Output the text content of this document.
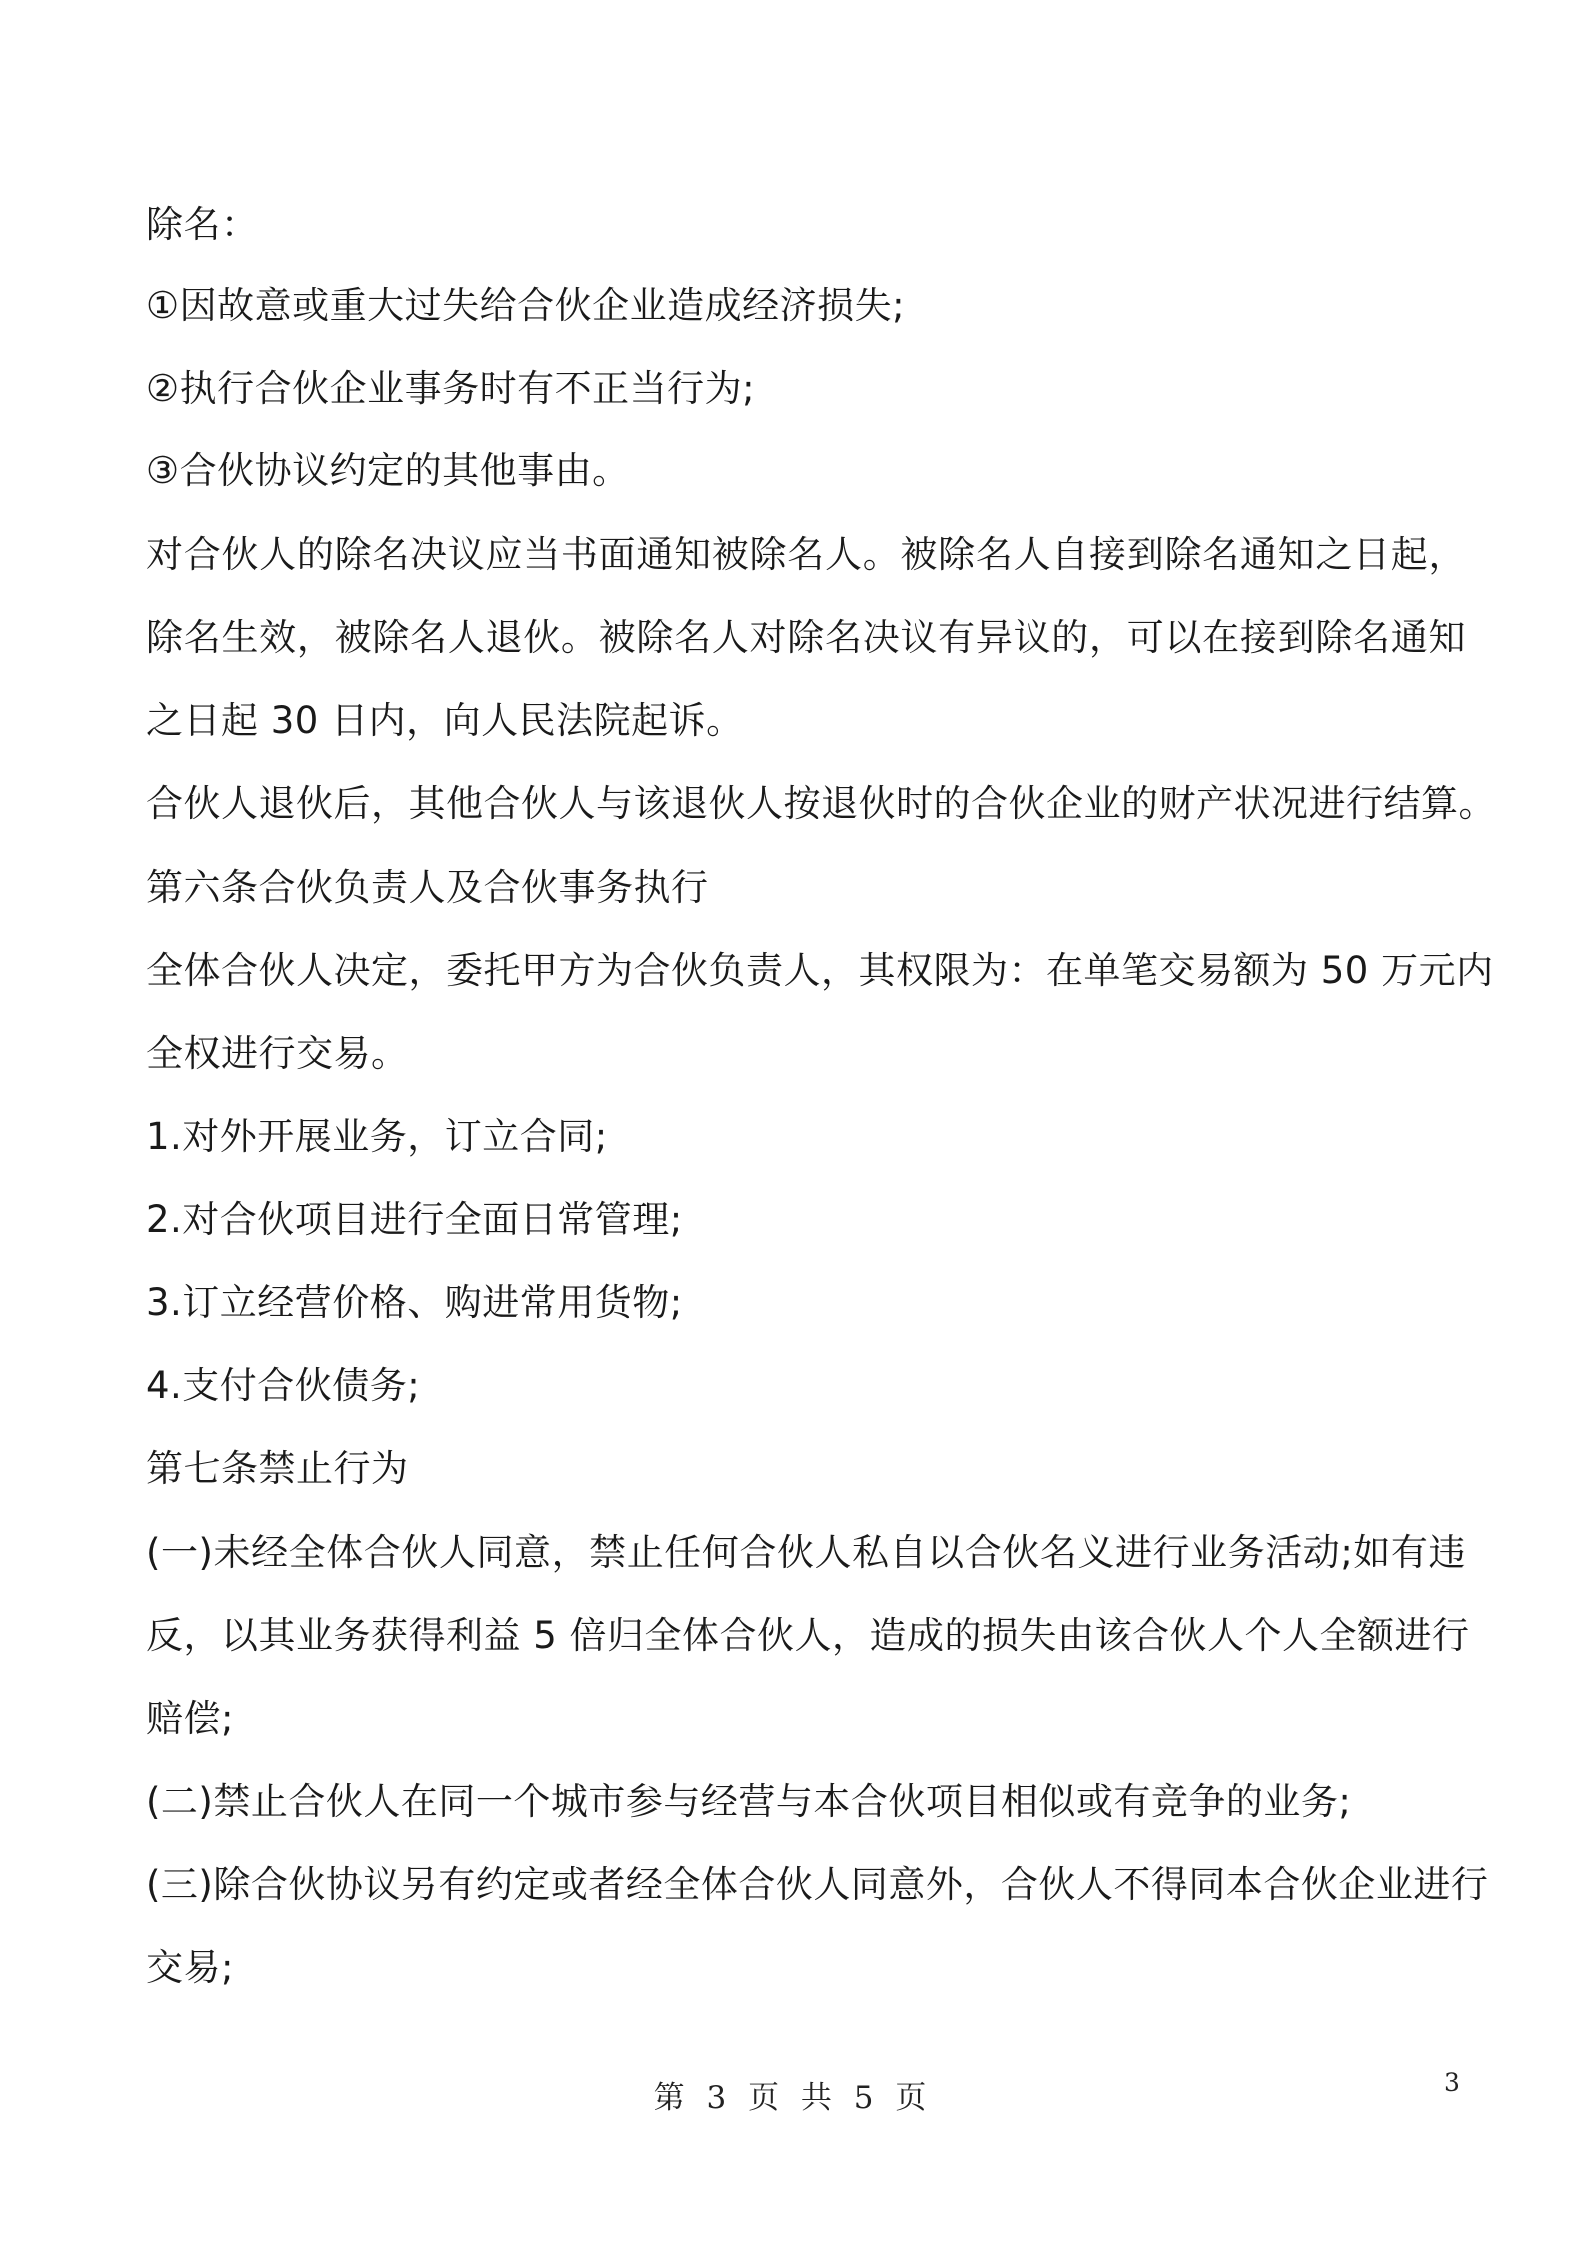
除名：
①因故意或重大过失给合伙企业造成经济损失;
②执行合伙企业事务时有不正当行为;
③合伙协议约定的其他事由。
对合伙人的除名决议应当书面通知被除名人。被除名人自接到除名通知之日起，
除名生效，被除名人退伙。被除名人对除名决议有异议的，可以在接到除名通知
之日起 30 日内，向人民法院起诉。
合伙人退伙后，其他合伙人与该退伙人按退伙时的合伙企业的财产状况进行结算。
第六条合伙负责人及合伙事务执行
全体合伙人决定，委托甲方为合伙负责人，其权限为：在单笔交易额为 50 万元内
全权进行交易。
1.对外开展业务，订立合同;
2.对合伙项目进行全面日常管理;
3.订立经营价格、购进常用货物;
4.支付合伙债务;
第七条禁止行为
(一)未经全体合伙人同意，禁止任何合伙人私自以合伙名义进行业务活动;如有违
反，以其业务获得利益 5 倍归全体合伙人，造成的损失由该合伙人个人全额进行
赔偿;
(二)禁止合伙人在同一个城市参与经营与本合伙项目相似或有竞争的业务;
(三)除合伙协议另有约定或者经全体合伙人同意外，合伙人不得同本合伙企业进行
交易;
第 3 页 共 5 页	3
